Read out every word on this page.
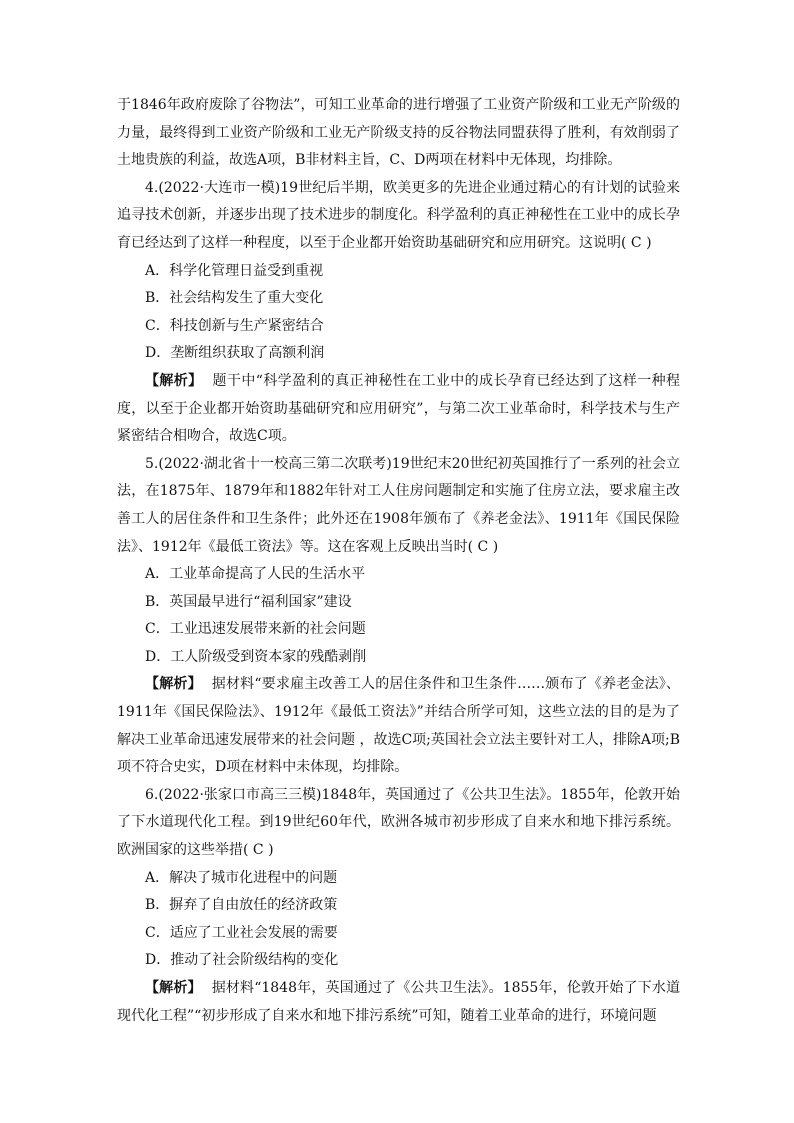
于1846年政府废除了谷物法”，可知工业革命的进行增强了工业资产阶级和工业无产阶级的力量，最终得到工业资产阶级和工业无产阶级支持的反谷物法同盟获得了胜利，有效削弱了土地贵族的利益，故选A项，B非材料主旨，C、D两项在材料中无体现，均排除。

4.(2022·大连市一模)19世纪后半期，欧美更多的先进企业通过精心的有计划的试验来追寻技术创新，并逐步出现了技术进步的制度化。科学盈利的真正神秘性在工业中的成长孕育已经达到了这样一种程度，以至于企业都开始资助基础研究和应用研究。这说明( C )

A．科学化管理日益受到重视

B．社会结构发生了重大变化

C．科技创新与生产紧密结合

D．垄断组织获取了高额利润

【解析】 题干中“科学盈利的真正神秘性在工业中的成长孕育已经达到了这样一种程度，以至于企业都开始资助基础研究和应用研究”，与第二次工业革命时，科学技术与生产紧密结合相吻合，故选C项。

5.(2022·湖北省十一校高三第二次联考)19世纪末20世纪初英国推行了一系列的社会立法，在1875年、1879年和1882年针对工人住房问题制定和实施了住房立法，要求雇主改善工人的居住条件和卫生条件；此外还在1908年颁布了《养老金法》、1911年《国民保险法》、1912年《最低工资法》等。这在客观上反映出当时( C )

A．工业革命提高了人民的生活水平

B．英国最早进行“福利国家”建设

C．工业迅速发展带来新的社会问题

D．工人阶级受到资本家的残酷剥削

【解析】 据材料“要求雇主改善工人的居住条件和卫生条件……颁布了《养老金法》、1911年《国民保险法》、1912年《最低工资法》”并结合所学可知，这些立法的目的是为了解决工业革命迅速发展带来的社会问题 ，故选C项;英国社会立法主要针对工人，排除A项;B项不符合史实，D项在材料中未体现，均排除。

6.(2022·张家口市高三三模)1848年，英国通过了《公共卫生法》。1855年，伦敦开始了下水道现代化工程。到19世纪60年代，欧洲各城市初步形成了自来水和地下排污系统。欧洲国家的这些举措( C )

A．解决了城市化进程中的问题

B．摒弃了自由放任的经济政策

C．适应了工业社会发展的需要

D．推动了社会阶级结构的变化

【解析】 据材料“1848年，英国通过了《公共卫生法》。1855年，伦敦开始了下水道现代化工程”“初步形成了自来水和地下排污系统”可知，随着工业革命的进行，环境问题
